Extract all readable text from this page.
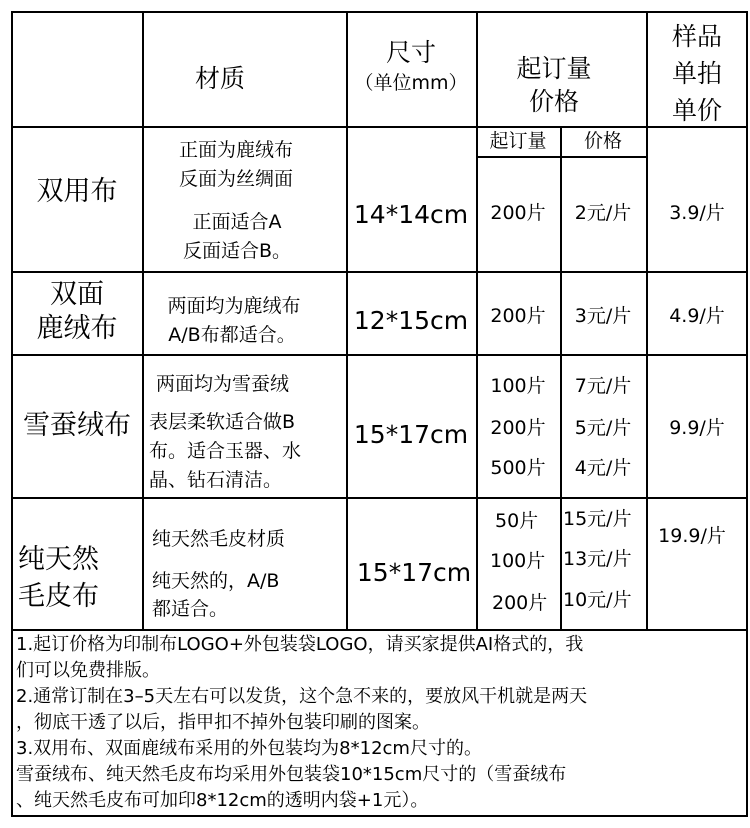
材质
尺寸
（单位mm） 起订量
价格
样品
单拍
单价
起订量 价格
双用布
正面为鹿绒布
反面为丝绸面
正面适合A
反面适合B。
14*14cm 200片 2元/片 3.9/片
双面
鹿绒布
两面均为鹿绒布
A/B布都适合。 12*15cm 200片 3元/片 4.9/片
雪蚕绒布
两面均为雪蚕绒
表层柔软适合做B
布。适合玉器、水
晶、钻石清洁。
15*17cm
100片
200片
500片
7元/片
5元/片
4元/片
9.9/片
纯天然
毛皮布
纯天然毛皮材质
纯天然的，A/B
都适合。
15*17cm
50片
100片
200片
15元/片
13元/片
10元/片
19.9/片
1.起订价格为印制布LOGO+外包装袋LOGO，请买家提供AI格式的，我
们可以免费排版。
2.通常订制在3–5天左右可以发货，这个急不来的，要放风干机就是两天
，彻底干透了以后，指甲扣不掉外包装印刷的图案。
3.双用布、双面鹿绒布采用的外包装均为8*12cm尺寸的。
雪蚕绒布、纯天然毛皮布均采用外包装袋10*15cm尺寸的（雪蚕绒布
、纯天然毛皮布可加印8*12cm的透明内袋+1元）。
